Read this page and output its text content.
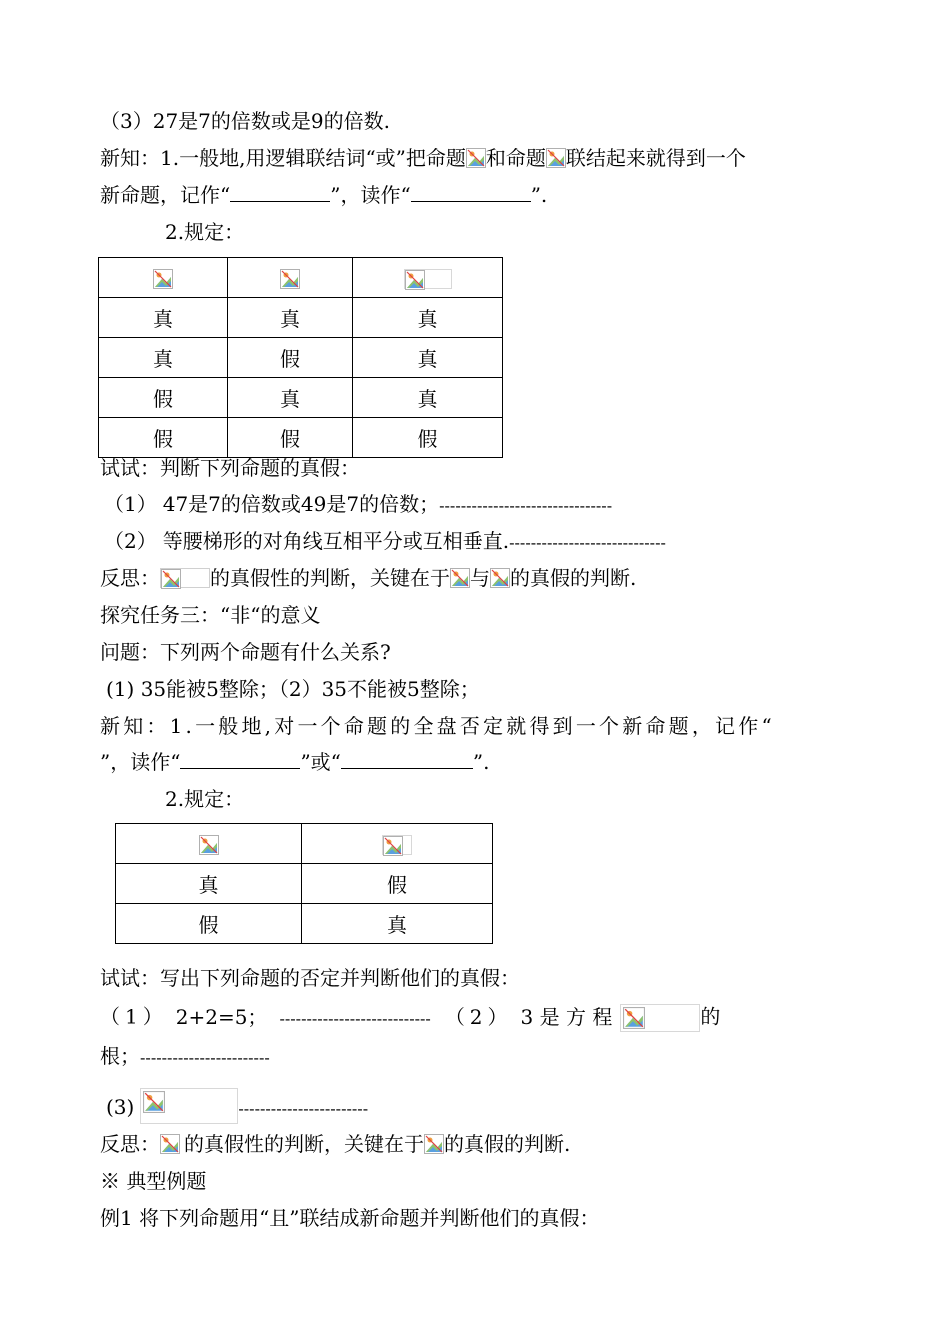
（3）27是7的倍数或是9的倍数.
新知：1.一般地,用逻辑联结词“或”把命题 和命题 联结起来就得到一个
新命题，记作“	”，读作“	”.
2.规定：

真	真	真
真	假	真
假	真	真
假	假	假
试试：判断下列命题的真假：
（1） 47是7的倍数或49是7的倍数；--------------------------------
（2） 等腰梯形的对角线互相平分或互相垂直.-----------------------------
反思：	的真假性的判断，关键在于 与 的真假的判断.
探究任务三：“非“的意义
问题：下列两个命题有什么关系?
(1) 35能被5整除；（2）35不能被5整除；
新知：1.一般地,对一个命题的全盘否定就得到一个新命题，记作“
”，读作“	”或“	”.
2.规定：

真	假
假	真
试试：写出下列命题的否定并判断他们的真假：
（1） 2+2=5； ---------------------------- （2） 3 是 方 程	的
根；------------------------
(3)	------------------------
反思： 的真假性的判断，关键在于 的真假的判断.
※ 典型例题
例1 将下列命题用“且”联结成新命题并判断他们的真假：
